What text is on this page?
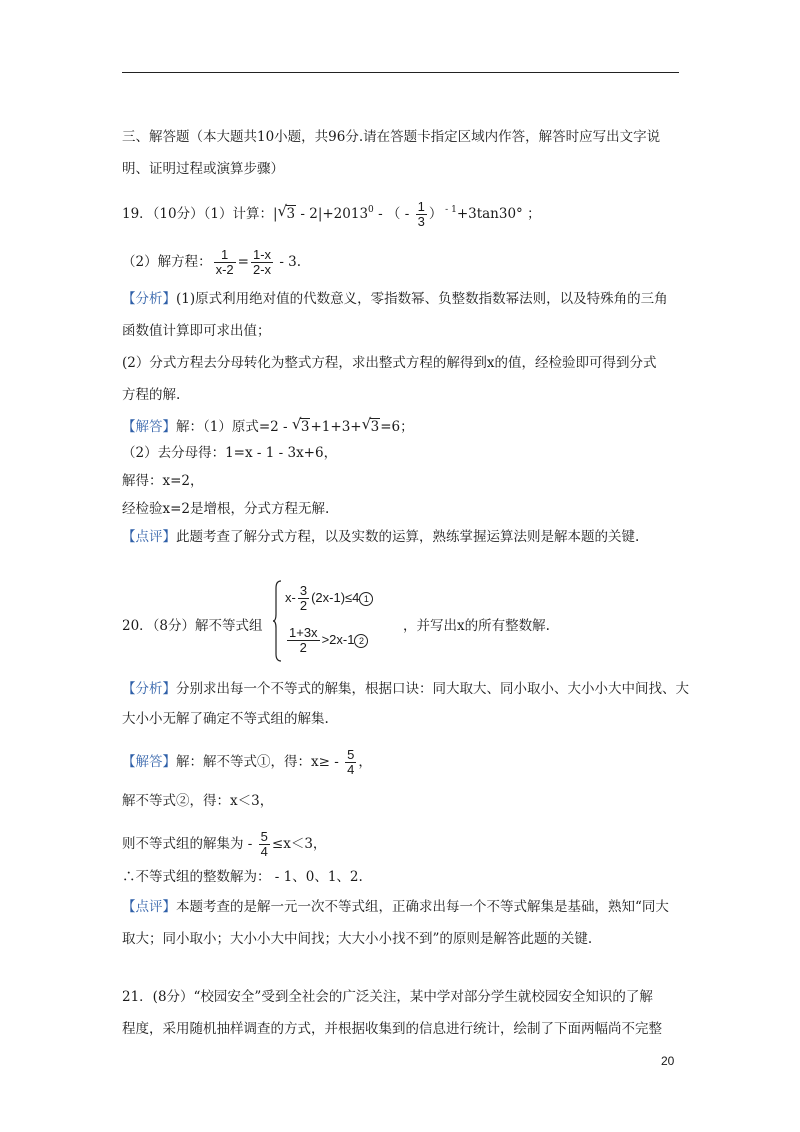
三、解答题（本大题共10小题，共96分.请在答题卡指定区域内作答，解答时应写出文字说
明、证明过程或演算步骤）
19．（10分）（1）计算：| √ $3 - 2|+2013^0$ - （ - $\frac{1}{3}$ ） $^{- 1}$+3tan30° ；
（2）解方程： $\frac{1}{x-2} = \frac{1-x}{2-x} - 3$.
【分析】(1)原式利用绝对值的代数意义，零指数幂、负整数指数幂法则，以及特殊角的三角
函数值计算即可求出值；
(2）分式方程去分母转化为整式方程，求出整式方程的解得到x的值，经检验即可得到分式
方程的解.
【解答】解：（1）原式=2 - √ 3+1+3+ √ 3=6；
（2）去分母得：1=x - 1 - 3x+6，
解得：x=2，
经检验x=2是增根，分式方程无解.
【点评】此题考查了解分式方程，以及实数的运算，熟练掌握运算法则是解本题的关键.
20．（8分）解不等式组
$x- \frac{3}{2} (2x-1)\le 4$ 1
$\frac{1+3x}{2} >2x-1$ 2
，并写出x的所有整数解.
【分析】分别求出每一个不等式的解集，根据口诀：同大取大、同小取小、大小小大中间找、大
大小小无解了确定不等式组的解集.
【解答】解：解不等式①，得：$x\ge - \frac{5}{4}$ ，
解不等式②，得：x＜3，
则不等式组的解集为 - $\frac{5}{4} \le x<3$，
∴不等式组的整数解为： - 1、0、1、2.
【点评】本题考查的是解一元一次不等式组，正确求出每一个不等式解集是基础，熟知“同大
取大；同小取小；大小小大中间找；大大小小找不到”的原则是解答此题的关键.
21．(8分）“校园安全”受到全社会的广泛关注，某中学对部分学生就校园安全知识的了解
程度，采用随机抽样调查的方式，并根据收集到的信息进行统计，绘制了下面两幅尚不完整
20
